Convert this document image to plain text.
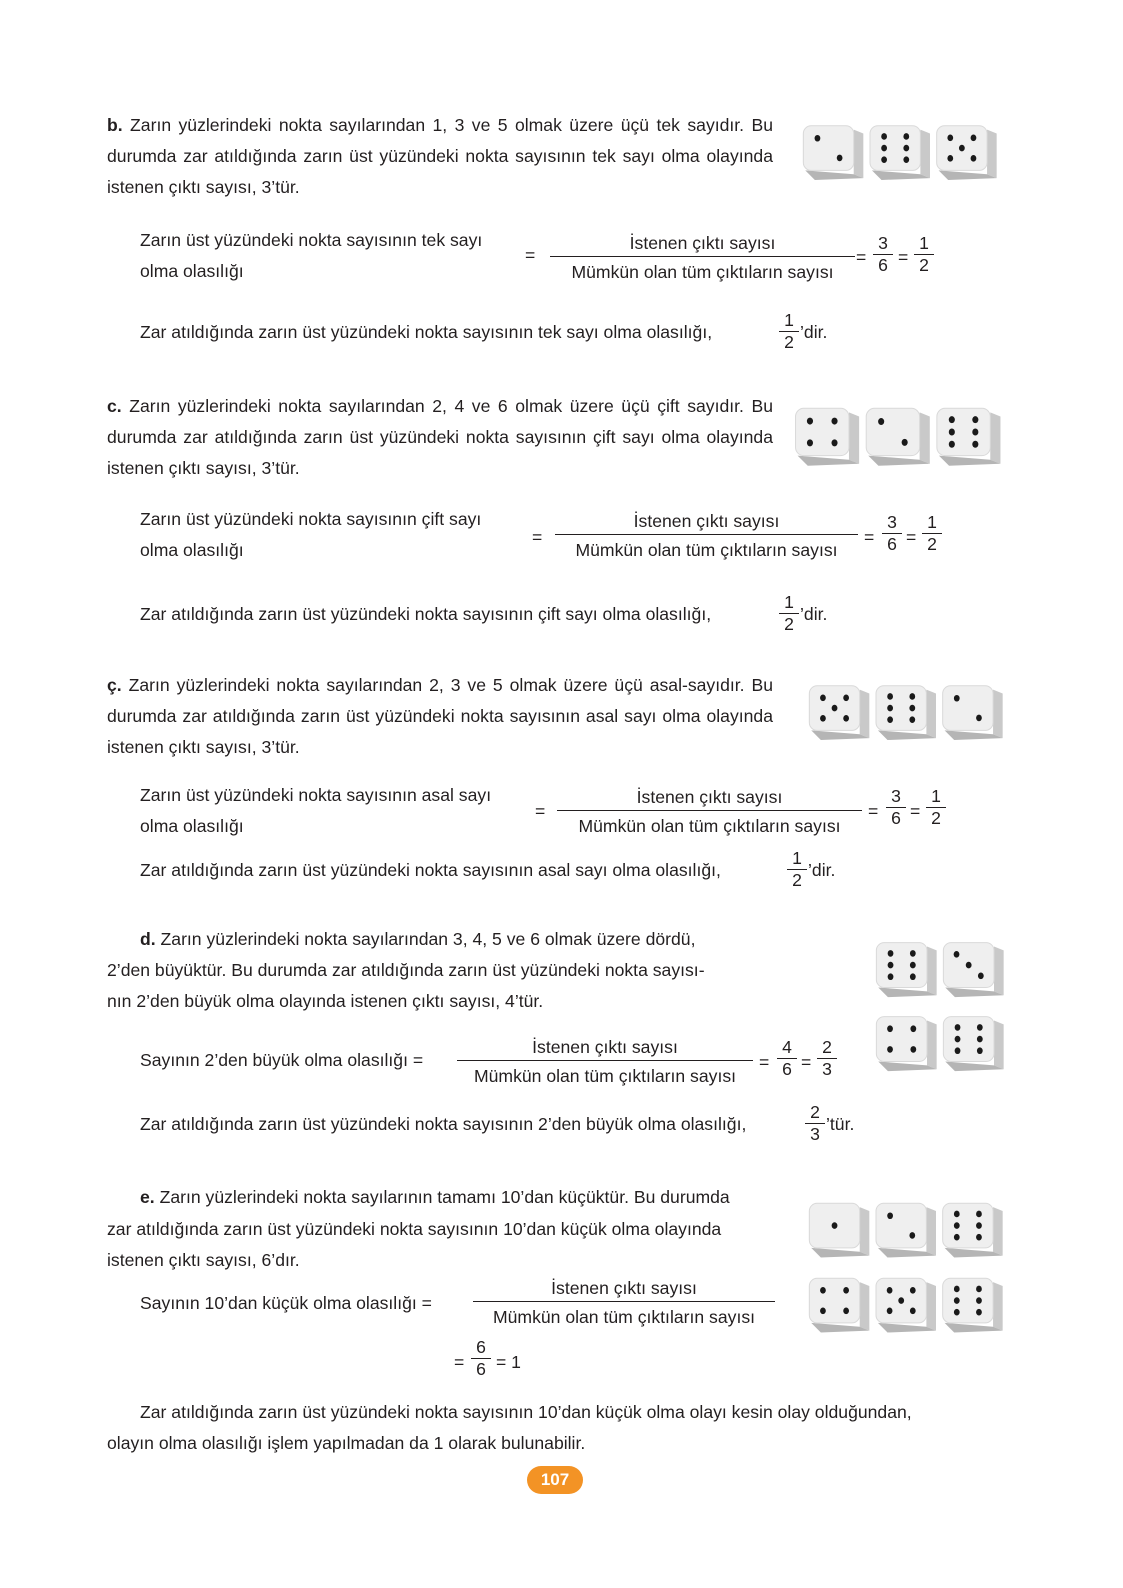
b. Zarın yüzlerindeki nokta sayılarından 1, 3 ve 5 olmak üzere üçü tek sayıdır. Bu durumda zar atıldığında zarın üst yüzündeki nokta sayısının tek sayı olma olayında istenen çıktı sayısı, 3’tür.
Zarın üst yüzündeki nokta sayısının tek sayı
olma olasılığı
=
İstenen çıktı sayısı
Mümkün olan tüm çıktıların sayısı
=
3
6 =
1
2
Zar atıldığında zarın üst yüzündeki nokta sayısının tek sayı olma olasılığı,
1
2 ’dir.
c. Zarın yüzlerindeki nokta sayılarından 2, 4 ve 6 olmak üzere üçü çift sayıdır. Bu durumda zar atıldığında zarın üst yüzündeki nokta sayısının çift sayı olma olayında istenen çıktı sayısı, 3’tür.
Zarın üst yüzündeki nokta sayısının çift sayı
olma olasılığı
=
İstenen çıktı sayısı
Mümkün olan tüm çıktıların sayısı
=
3
6 =
1
2
Zar atıldığında zarın üst yüzündeki nokta sayısının çift sayı olma olasılığı,
1
2 ’dir.
ç. Zarın yüzlerindeki nokta sayılarından 2, 3 ve 5 olmak üzere üçü asal-sayıdır. Bu durumda zar atıldığında zarın üst yüzündeki nokta sayısının asal sayı olma olayında istenen çıktı sayısı, 3’tür.
Zarın üst yüzündeki nokta sayısının asal sayı
olma olasılığı
=
İstenen çıktı sayısı
Mümkün olan tüm çıktıların sayısı
=
3
6 =
1
2
Zar atıldığında zarın üst yüzündeki nokta sayısının asal sayı olma olasılığı,
1
2 ’dir.
d. Zarın yüzlerindeki nokta sayılarından 3, 4, 5 ve 6 olmak üzere dördü,
2’den büyüktür. Bu durumda zar atıldığında zarın üst yüzündeki nokta sayısı-
nın 2’den büyük olma olayında istenen çıktı sayısı, 4’tür.
Sayının 2’den büyük olma olasılığı =
İstenen çıktı sayısı
Mümkün olan tüm çıktıların sayısı
=
4
6 =
2
3
Zar atıldığında zarın üst yüzündeki nokta sayısının 2’den büyük olma olasılığı,
2
3 ’tür.
e. Zarın yüzlerindeki nokta sayılarının tamamı 10’dan küçüktür. Bu durumda
zar atıldığında zarın üst yüzündeki nokta sayısının 10’dan küçük olma olayında
istenen çıktı sayısı, 6’dır.
Sayının 10’dan küçük olma olasılığı =
İstenen çıktı sayısı
Mümkün olan tüm çıktıların sayısı
=
6
6 = 1
Zar atıldığında zarın üst yüzündeki nokta sayısının 10’dan küçük olma olayı kesin olay olduğundan,
olayın olma olasılığı işlem yapılmadan da 1 olarak bulunabilir.
107
